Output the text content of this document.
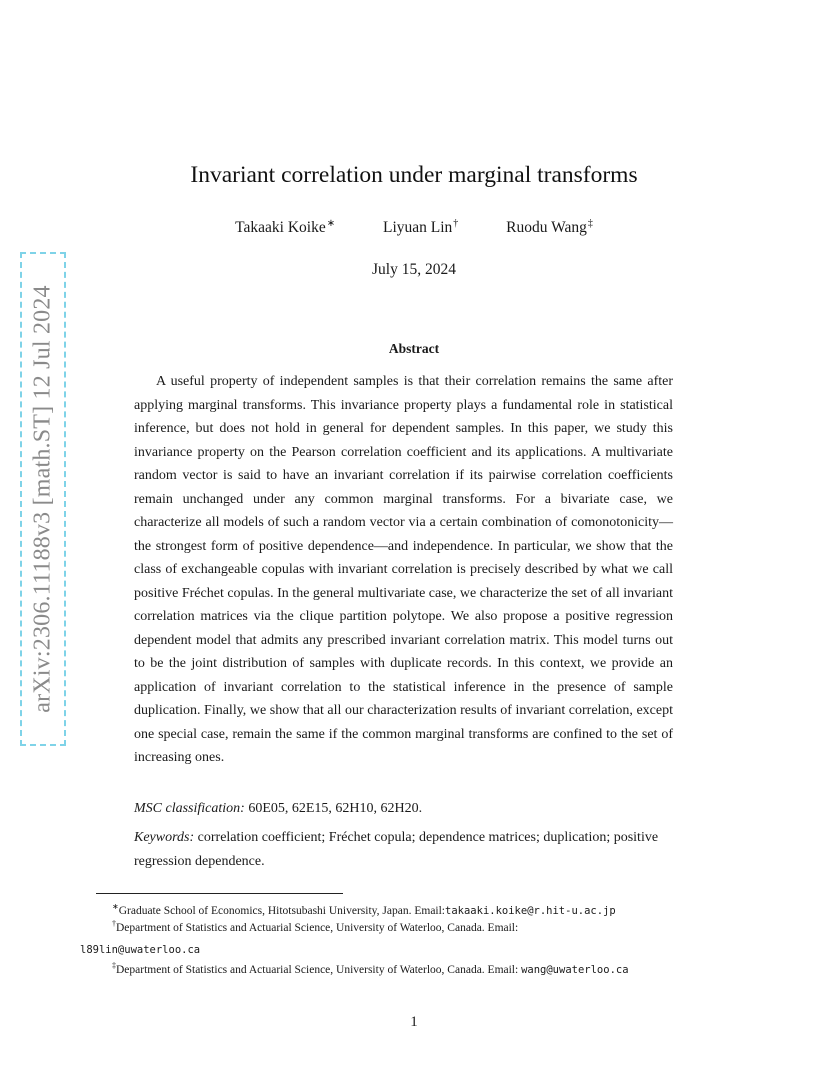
arXiv:2306.11188v3 [math.ST] 12 Jul 2024
Invariant correlation under marginal transforms
Takaaki Koike∗	Liyuan Lin†	Ruodu Wang‡
July 15, 2024
Abstract

A useful property of independent samples is that their correlation remains the same after applying marginal transforms. This invariance property plays a fundamental role in statistical inference, but does not hold in general for dependent samples. In this paper, we study this invariance property on the Pearson correlation coefficient and its applications. A multivariate random vector is said to have an invariant correlation if its pairwise correlation coefficients remain unchanged under any common marginal transforms. For a bivariate case, we characterize all models of such a random vector via a certain combination of comonotonicity—the strongest form of positive dependence—and independence. In particular, we show that the class of exchangeable copulas with invariant correlation is precisely described by what we call positive Fréchet copulas. In the general multivariate case, we characterize the set of all invariant correlation matrices via the clique partition polytope. We also propose a positive regression dependent model that admits any prescribed invariant correlation matrix. This model turns out to be the joint distribution of samples with duplicate records. In this context, we provide an application of invariant correlation to the statistical inference in the presence of sample duplication. Finally, we show that all our characterization results of invariant correlation, except one special case, remain the same if the common marginal transforms are confined to the set of increasing ones.

MSC classification: 60E05, 62E15, 62H10, 62H20.

Keywords: correlation coefficient; Fréchet copula; dependence matrices; duplication; positive regression dependence.

∗Graduate School of Economics, Hitotsubashi University, Japan. Email:takaaki.koike@r.hit-u.ac.jp

†Department of Statistics and Actuarial Science, University of Waterloo, Canada. Email:
l89lin@uwaterloo.ca

‡Department of Statistics and Actuarial Science, University of Waterloo, Canada. Email: wang@uwaterloo.ca

1
